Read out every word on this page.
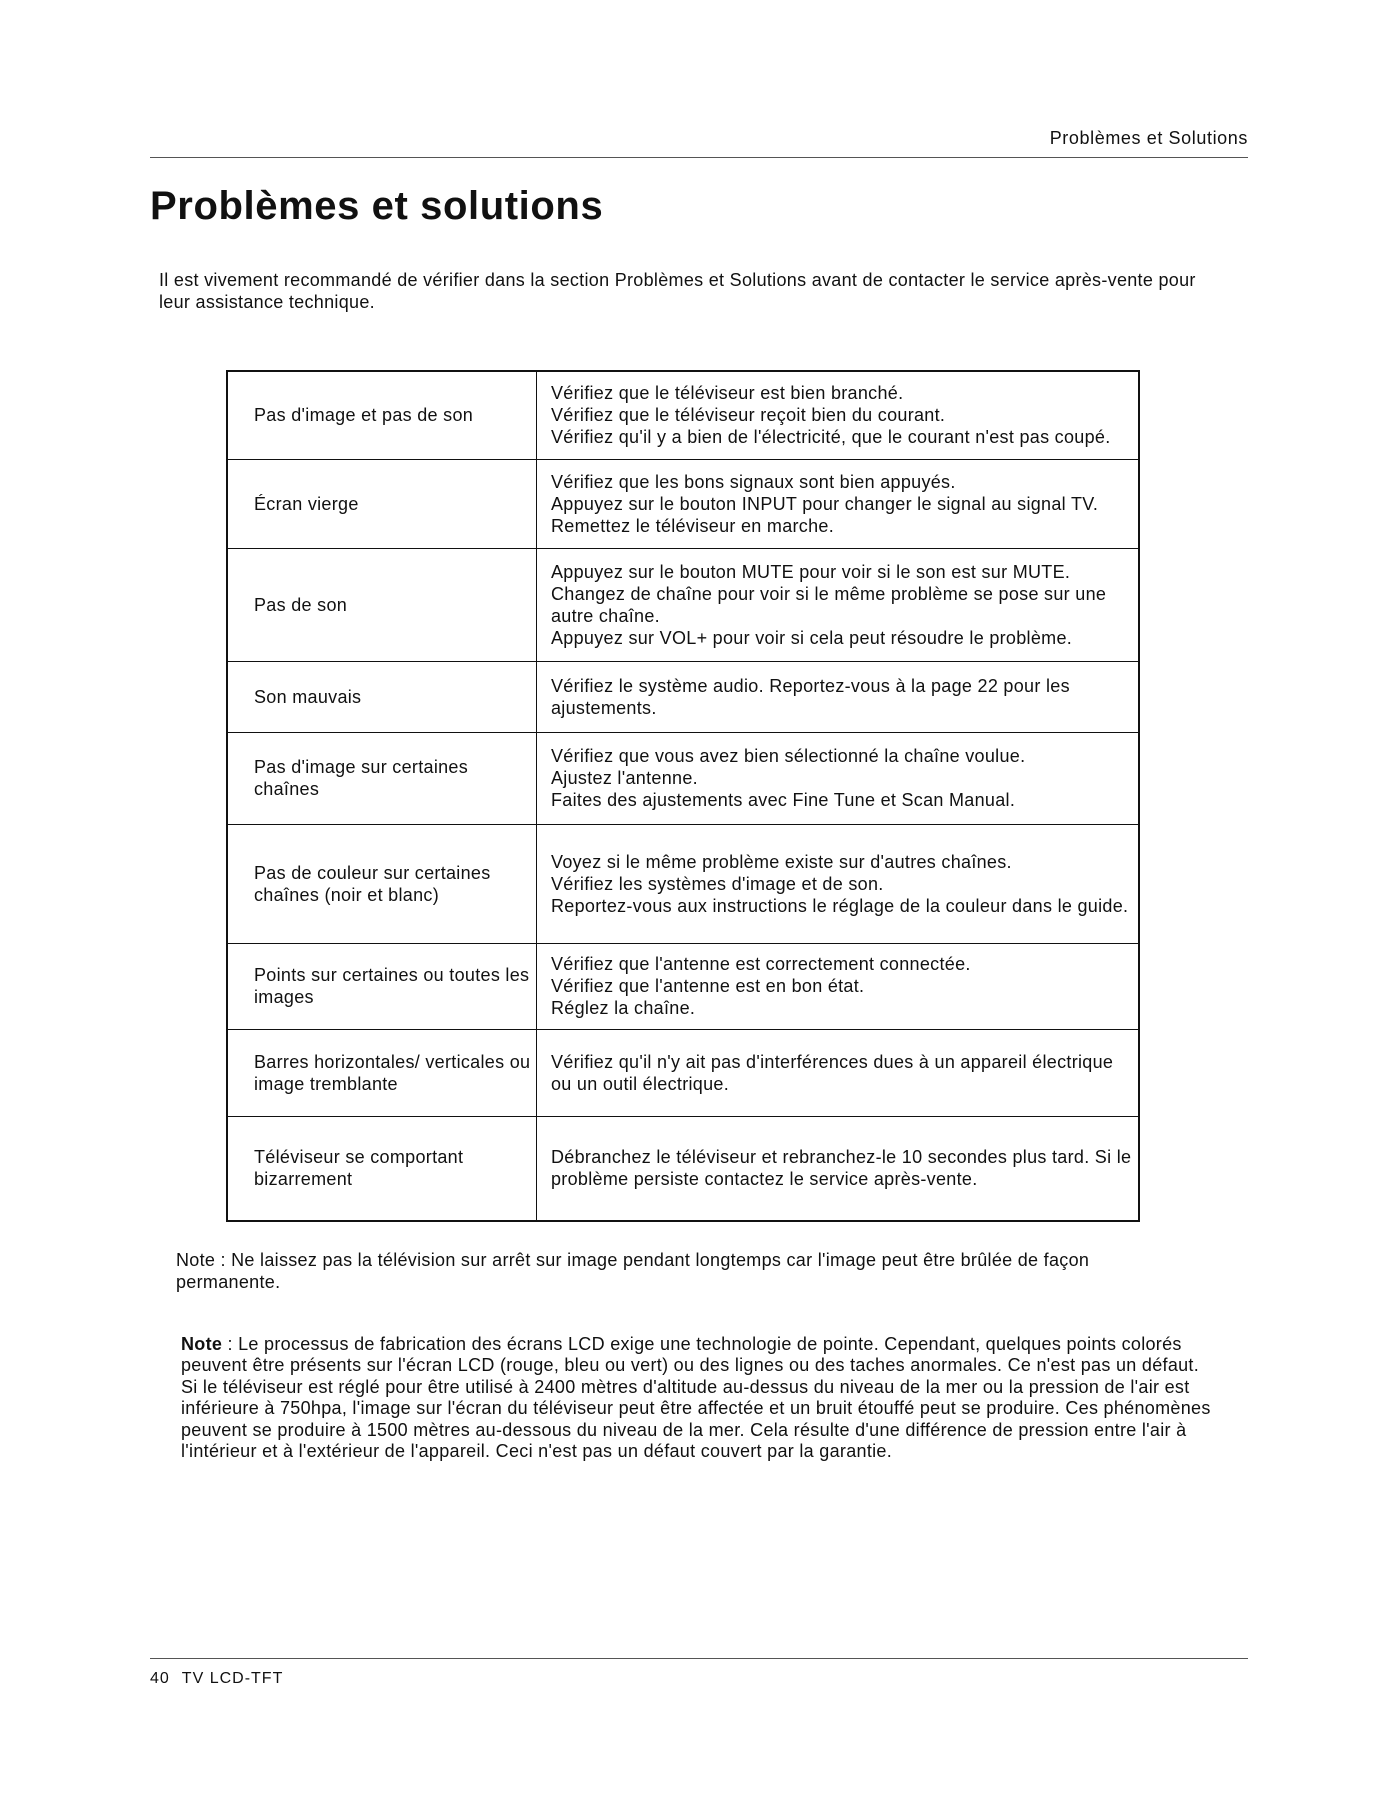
Problèmes et Solutions
Problèmes et solutions

Il est vivement recommandé de vérifier dans la section Problèmes et Solutions avant de contacter le service après-vente pour leur assistance technique.

Pas d'image et pas de son	Vérifiez que le téléviseur est bien branché.
Vérifiez que le téléviseur reçoit bien du courant.
Vérifiez qu'il y a bien de l'électricité, que le courant n'est pas coupé.

Écran vierge	Vérifiez que les bons signaux sont bien appuyés.
Appuyez sur le bouton INPUT pour changer le signal au signal TV.
Remettez le téléviseur en marche.

Pas de son	Appuyez sur le bouton MUTE pour voir si le son est sur MUTE.
Changez de chaîne pour voir si le même problème se pose sur une autre chaîne.
Appuyez sur VOL+ pour voir si cela peut résoudre le problème.

Son mauvais	Vérifiez le système audio. Reportez-vous à la page 22 pour les ajustements.

Pas d'image sur certaines chaînes	Vérifiez que vous avez bien sélectionné la chaîne voulue.
Ajustez l'antenne.
Faites des ajustements avec Fine Tune et Scan Manual.

Pas de couleur sur certaines chaînes (noir et blanc)	Voyez si le même problème existe sur d'autres chaînes.
Vérifiez les systèmes d'image et de son.
Reportez-vous aux instructions le réglage de la couleur dans le guide.

Points sur certaines ou toutes les images	Vérifiez que l'antenne est correctement connectée.
Vérifiez que l'antenne est en bon état.
Réglez la chaîne.

Barres horizontales/ verticales ou image tremblante	Vérifiez qu'il n'y ait pas d'interférences dues à un appareil électrique ou un outil électrique.

Téléviseur se comportant bizarrement	Débranchez le téléviseur et rebranchez-le 10 secondes plus tard. Si le problème persiste contactez le service après-vente.

Note : Ne laissez pas la télévision sur arrêt sur image pendant longtemps car l'image peut être brûlée de façon permanente.

Note : Le processus de fabrication des écrans LCD exige une technologie de pointe. Cependant, quelques points colorés peuvent être présents sur l'écran LCD (rouge, bleu ou vert) ou des lignes ou des taches anormales. Ce n'est pas un défaut.
Si le téléviseur est réglé pour être utilisé à 2400 mètres d'altitude au-dessus du niveau de la mer ou la pression de l'air est inférieure à 750hpa, l'image sur l'écran du téléviseur peut être affectée et un bruit étouffé peut se produire. Ces phénomènes peuvent se produire à 1500 mètres au-dessous du niveau de la mer. Cela résulte d'une différence de pression entre l'air à l'intérieur et à l'extérieur de l'appareil. Ceci n'est pas un défaut couvert par la garantie.

40 TV LCD-TFT
